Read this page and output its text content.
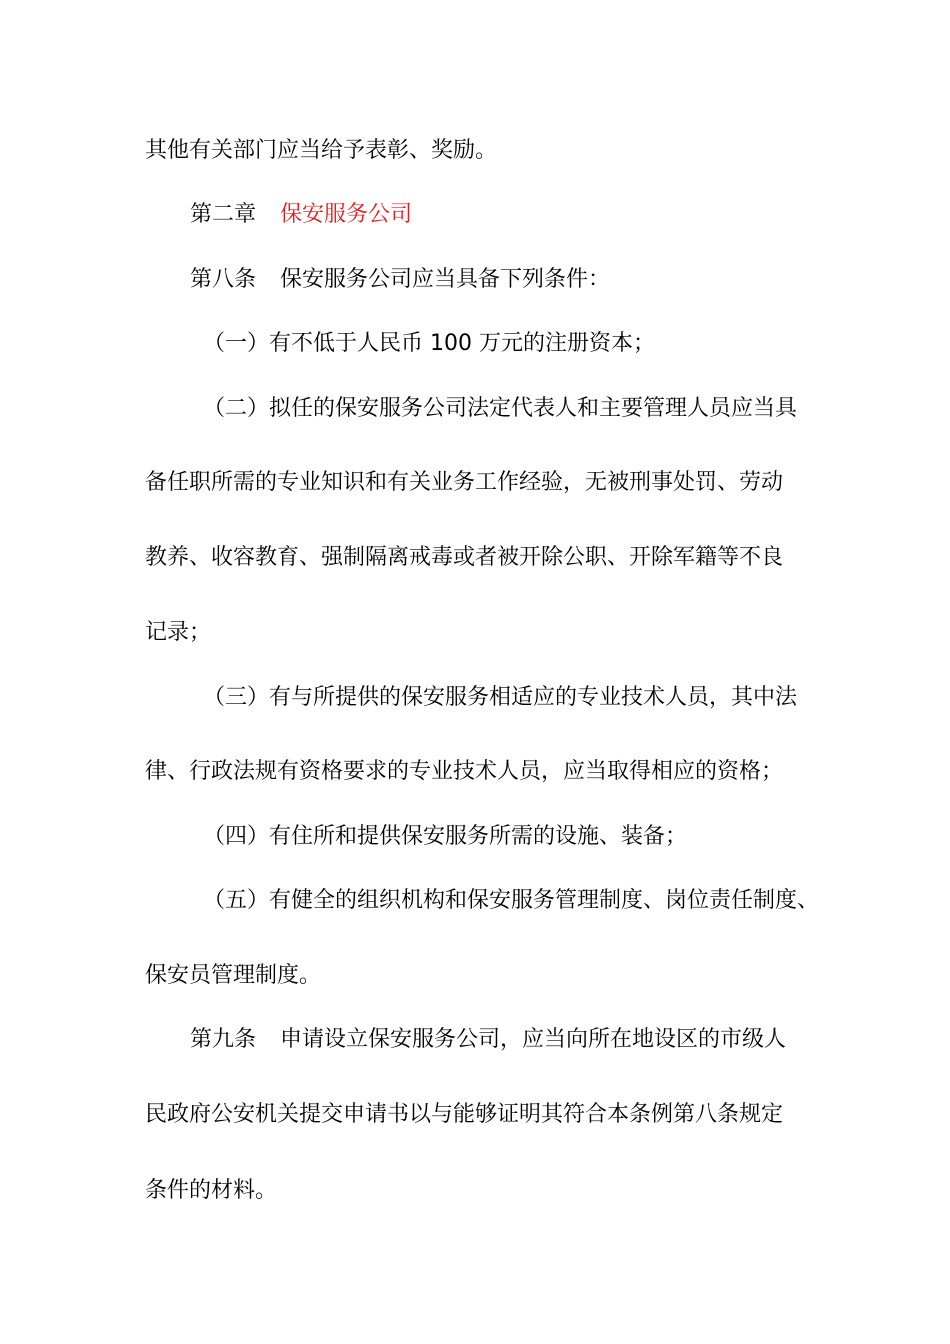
其他有关部门应当给予表彰、奖励。
第二章 保安服务公司
第八条 保安服务公司应当具备下列条件：
（一）有不低于人民币 100 万元的注册资本；
（二）拟任的保安服务公司法定代表人和主要管理人员应当具
备任职所需的专业知识和有关业务工作经验，无被刑事处罚、劳动
教养、收容教育、强制隔离戒毒或者被开除公职、开除军籍等不良
记录；
（三）有与所提供的保安服务相适应的专业技术人员，其中法
律、行政法规有资格要求的专业技术人员，应当取得相应的资格；
（四）有住所和提供保安服务所需的设施、装备；
（五）有健全的组织机构和保安服务管理制度、岗位责任制度、
保安员管理制度。
第九条 申请设立保安服务公司，应当向所在地设区的市级人
民政府公安机关提交申请书以与能够证明其符合本条例第八条规定
条件的材料。
